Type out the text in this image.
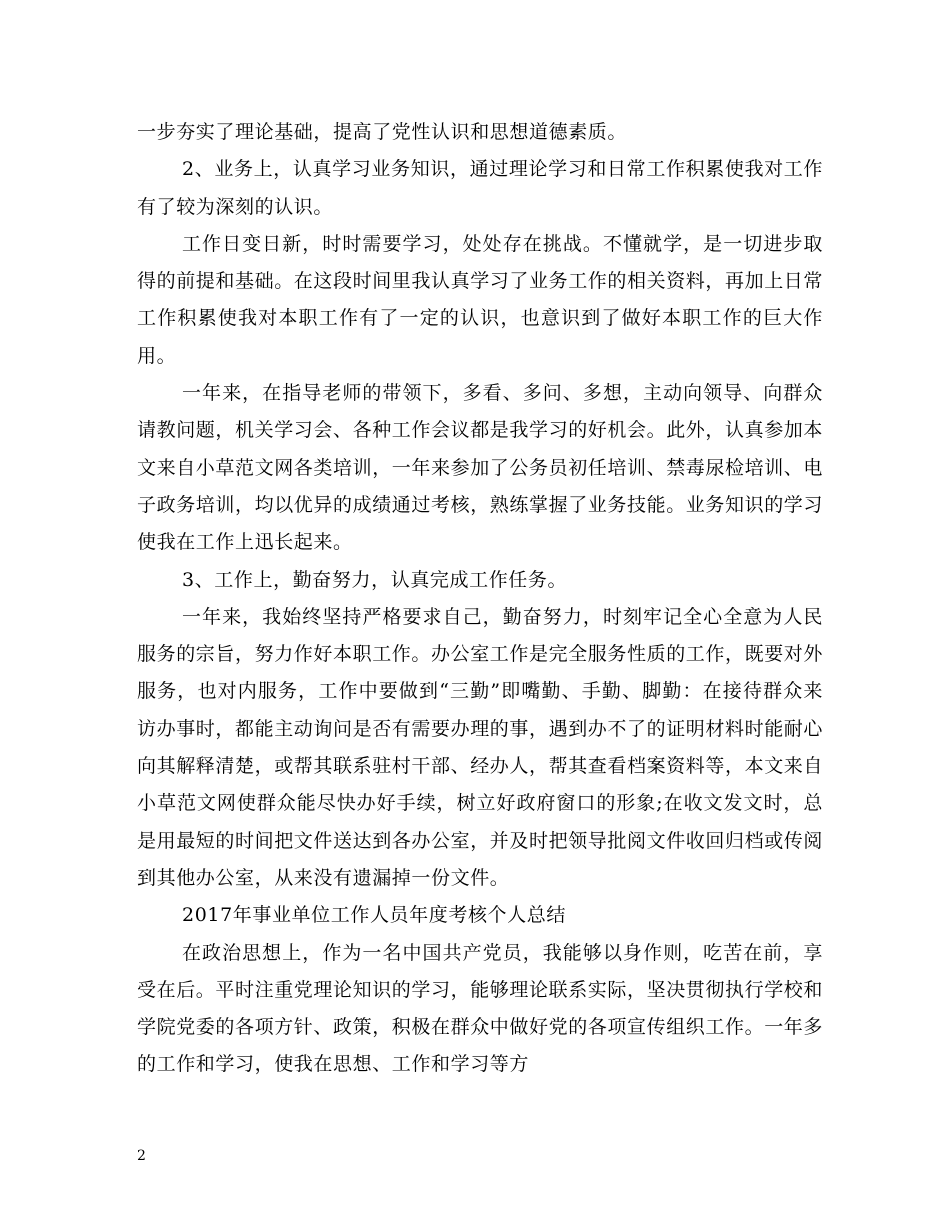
一步夯实了理论基础，提高了党性认识和思想道德素质。

2、业务上，认真学习业务知识，通过理论学习和日常工作积累使我对工作有了较为深刻的认识。

工作日变日新，时时需要学习，处处存在挑战。不懂就学，是一切进步取得的前提和基础。在这段时间里我认真学习了业务工作的相关资料，再加上日常工作积累使我对本职工作有了一定的认识，也意识到了做好本职工作的巨大作用。

一年来，在指导老师的带领下，多看、多问、多想，主动向领导、向群众请教问题，机关学习会、各种工作会议都是我学习的好机会。此外，认真参加本文来自小草范文网各类培训，一年来参加了公务员初任培训、禁毒尿检培训、电子政务培训，均以优异的成绩通过考核，熟练掌握了业务技能。业务知识的学习使我在工作上迅长起来。

3、工作上，勤奋努力，认真完成工作任务。

一年来，我始终坚持严格要求自己，勤奋努力，时刻牢记全心全意为人民服务的宗旨，努力作好本职工作。办公室工作是完全服务性质的工作，既要对外服务，也对内服务，工作中要做到“三勤”即嘴勤、手勤、脚勤：在接待群众来访办事时，都能主动询问是否有需要办理的事，遇到办不了的证明材料时能耐心向其解释清楚，或帮其联系驻村干部、经办人，帮其查看档案资料等，本文来自小草范文网使群众能尽快办好手续，树立好政府窗口的形象;在收文发文时，总是用最短的时间把文件送达到各办公室，并及时把领导批阅文件收回归档或传阅到其他办公室，从来没有遗漏掉一份文件。

2017年事业单位工作人员年度考核个人总结

在政治思想上，作为一名中国共产党员，我能够以身作则，吃苦在前，享受在后。平时注重党理论知识的学习，能够理论联系实际，坚决贯彻执行学校和学院党委的各项方针、政策，积极在群众中做好党的各项宣传组织工作。一年多的工作和学习，使我在思想、工作和学习等方

2
